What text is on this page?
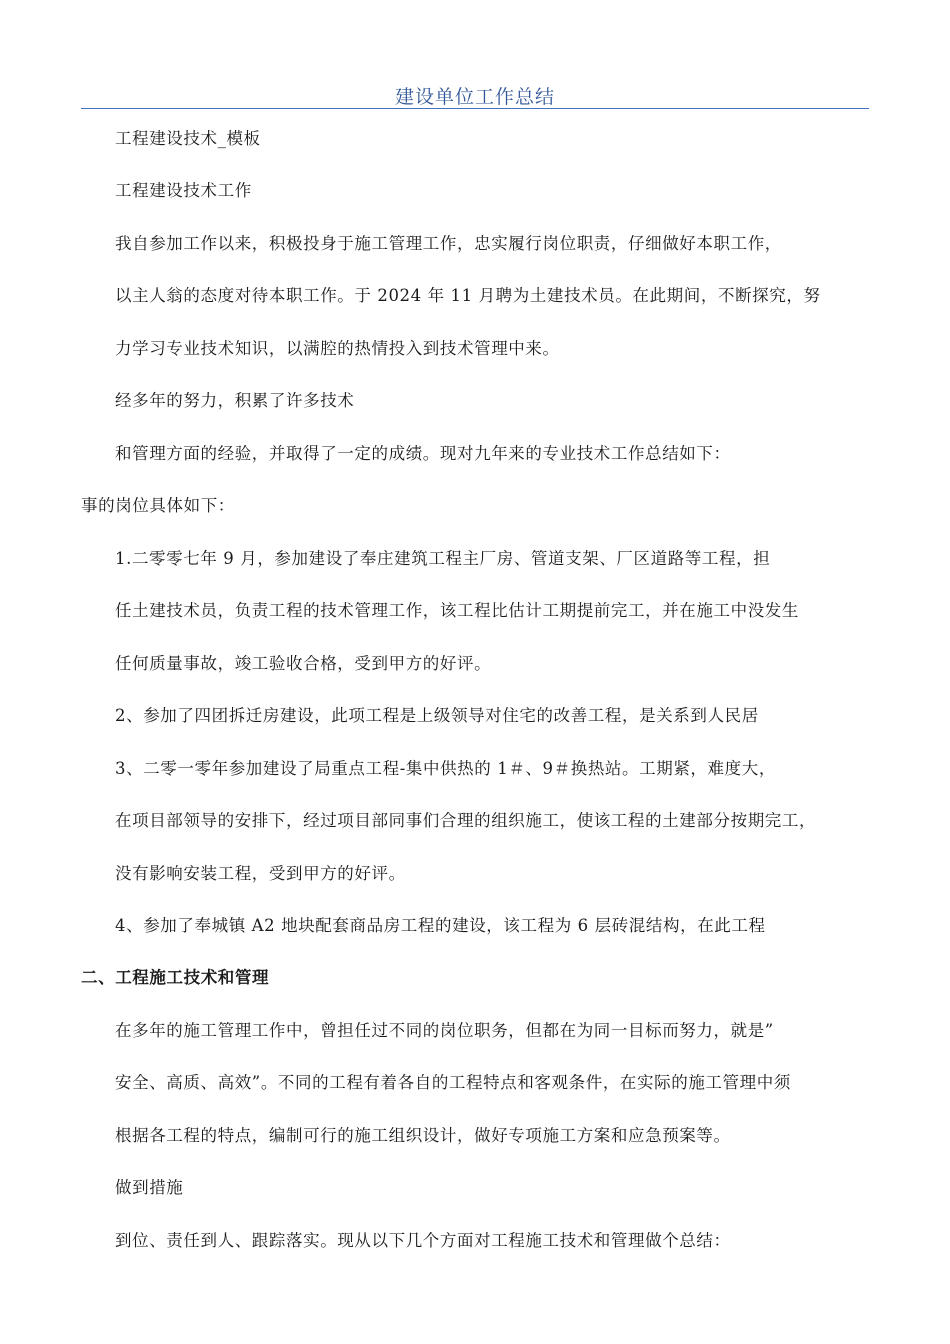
建设单位工作总结
工程建设技术_模板
工程建设技术工作
我自参加工作以来，积极投身于施工管理工作，忠实履行岗位职责，仔细做好本职工作，
以主人翁的态度对待本职工作。于 2024 年 11 月聘为土建技术员。在此期间，不断探究，努
力学习专业技术知识，以满腔的热情投入到技术管理中来。
经多年的努力，积累了许多技术
和管理方面的经验，并取得了一定的成绩。现对九年来的专业技术工作总结如下：
事的岗位具体如下：
1.二零零七年 9 月，参加建设了奉庄建筑工程主厂房、管道支架、厂区道路等工程，担
任土建技术员，负责工程的技术管理工作，该工程比估计工期提前完工，并在施工中没发生
任何质量事故，竣工验收合格，受到甲方的好评。
2、参加了四团拆迁房建设，此项工程是上级领导对住宅的改善工程，是关系到人民居
3、二零一零年参加建设了局重点工程-集中供热的 1＃、9＃换热站。工期紧，难度大，
在项目部领导的安排下，经过项目部同事们合理的组织施工，使该工程的土建部分按期完工，
没有影响安装工程，受到甲方的好评。
4、参加了奉城镇 A2 地块配套商品房工程的建设，该工程为 6 层砖混结构，在此工程
二、工程施工技术和管理
在多年的施工管理工作中，曾担任过不同的岗位职务，但都在为同一目标而努力，就是”
安全、高质、高效”。不同的工程有着各自的工程特点和客观条件，在实际的施工管理中须
根据各工程的特点，编制可行的施工组织设计，做好专项施工方案和应急预案等。
做到措施
到位、责任到人、跟踪落实。现从以下几个方面对工程施工技术和管理做个总结：
